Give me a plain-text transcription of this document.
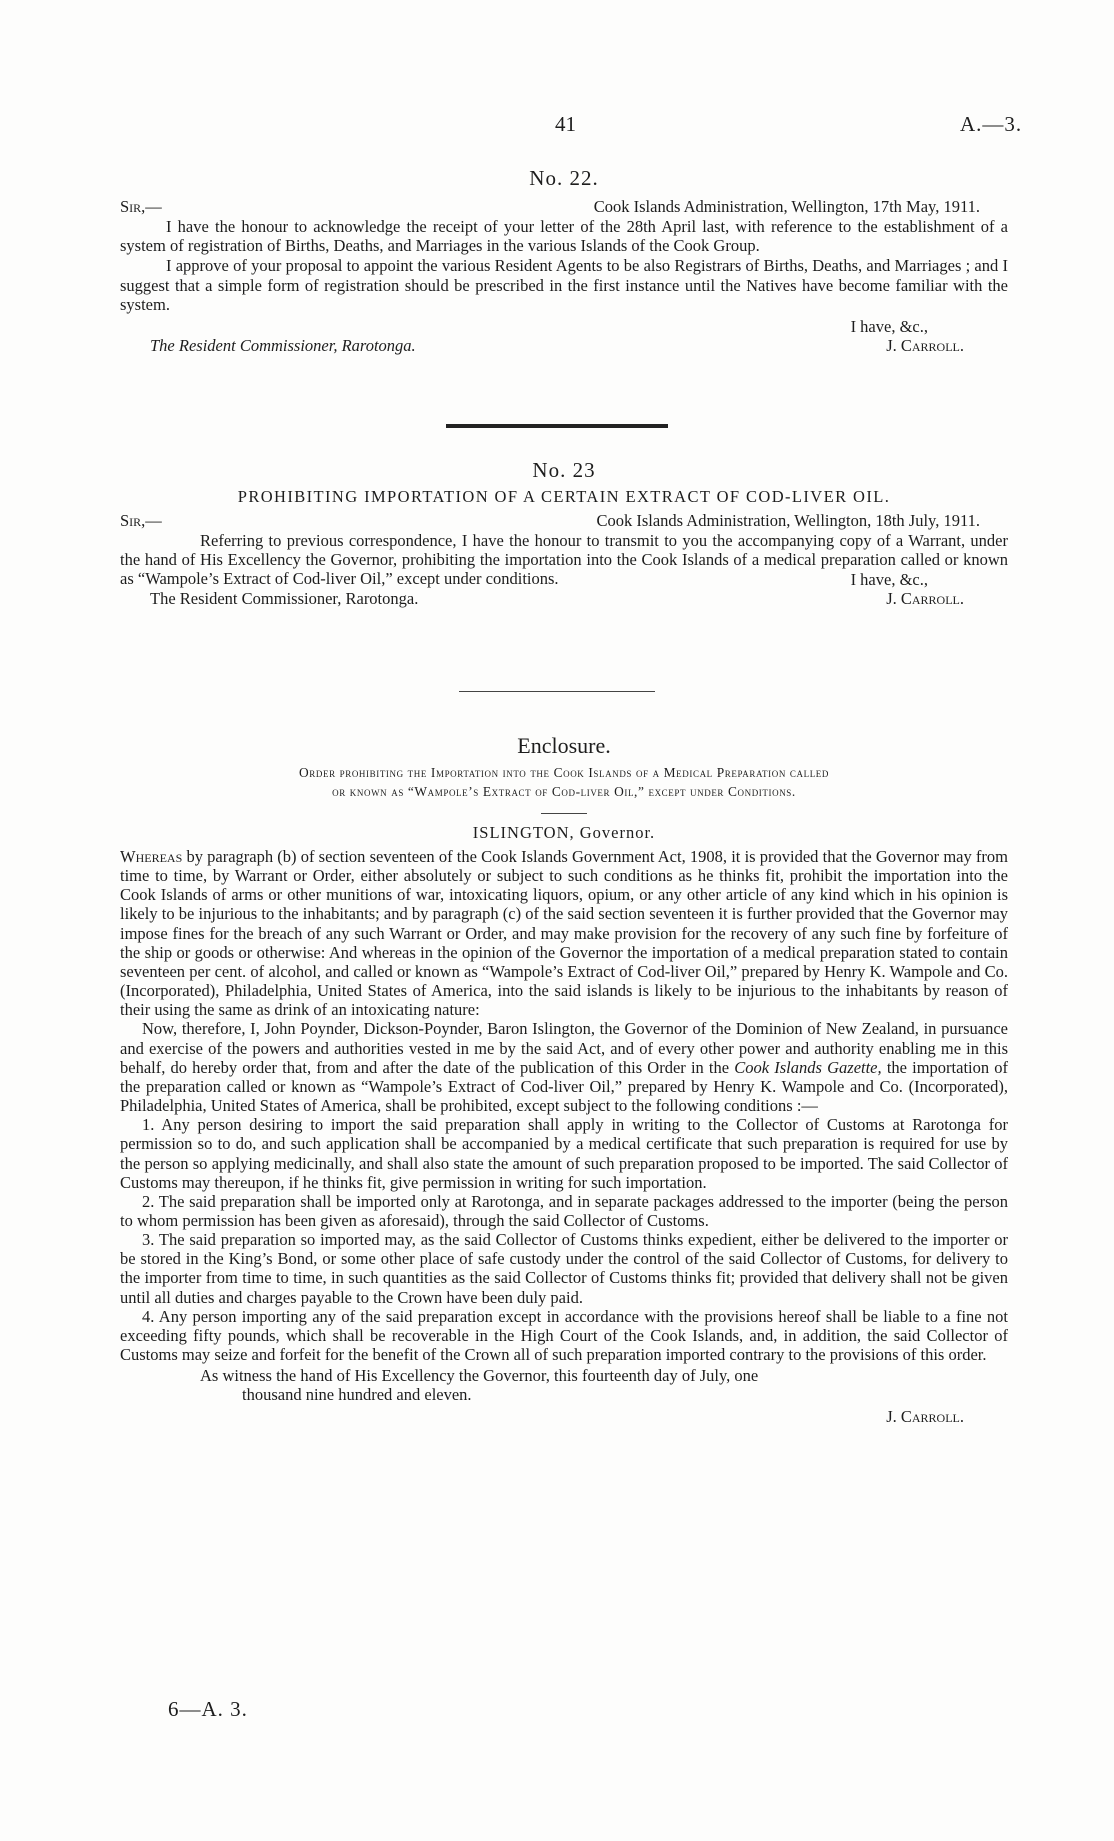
41	A.—3.

No. 22.

Sir,—	Cook Islands Administration, Wellington, 17th May, 1911.

I have the honour to acknowledge the receipt of your letter of the 28th April last, with reference to the establishment of a system of registration of Births, Deaths, and Marriages in the various Islands of the Cook Group.

I approve of your proposal to appoint the various Resident Agents to be also Registrars of Births, Deaths, and Marriages ; and I suggest that a simple form of registration should be prescribed in the first instance until the Natives have become familiar with the system.

I have, &c.,
The Resident Commissioner, Rarotonga.	J. Carroll.

No. 23

PROHIBITING IMPORTATION OF A CERTAIN EXTRACT OF COD-LIVER OIL.

Sir,—	Cook Islands Administration, Wellington, 18th July, 1911.

Referring to previous correspondence, I have the honour to transmit to you the accompanying copy of a Warrant, under the hand of His Excellency the Governor, prohibiting the importation into the Cook Islands of a medical preparation called or known as “Wampole’s Extract of Cod-liver Oil,” except under conditions.	I have, &c.,
The Resident Commissioner, Rarotonga.	J. Carroll.

Enclosure.

Order prohibiting the Importation into the Cook Islands of a Medical Preparation called

or known as “Wampole’s Extract of Cod-liver Oil,” except under Conditions.

ISLINGTON, Governor.

Whereas by paragraph (b) of section seventeen of the Cook Islands Government Act, 1908, it is provided that the Governor may from time to time, by Warrant or Order, either absolutely or subject to such conditions as he thinks fit, prohibit the importation into the Cook Islands of arms or other munitions of war, intoxicating liquors, opium, or any other article of any kind which in his opinion is likely to be injurious to the inhabitants; and by paragraph (c) of the said section seventeen it is further provided that the Governor may impose fines for the breach of any such Warrant or Order, and may make provision for the recovery of any such fine by forfeiture of the ship or goods or otherwise: And whereas in the opinion of the Governor the importation of a medical preparation stated to contain seventeen per cent. of alcohol, and called or known as “Wampole’s Extract of Cod-liver Oil,” prepared by Henry K. Wampole and Co. (Incorporated), Philadelphia, United States of America, into the said islands is likely to be injurious to the inhabitants by reason of their using the same as drink of an intoxicating nature:

Now, therefore, I, John Poynder, Dickson-Poynder, Baron Islington, the Governor of the Dominion of New Zealand, in pursuance and exercise of the powers and authorities vested in me by the said Act, and of every other power and authority enabling me in this behalf, do hereby order that, from and after the date of the publication of this Order in the Cook Islands Gazette, the importation of the preparation called or known as “Wampole’s Extract of Cod-liver Oil,” prepared by Henry K. Wampole and Co. (Incorporated), Philadelphia, United States of America, shall be prohibited, except subject to the following conditions :—

1. Any person desiring to import the said preparation shall apply in writing to the Collector of Customs at Rarotonga for permission so to do, and such application shall be accompanied by a medical certificate that such preparation is required for use by the person so applying medicinally, and shall also state the amount of such preparation proposed to be imported. The said Collector of Customs may thereupon, if he thinks fit, give permission in writing for such importation.

2. The said preparation shall be imported only at Rarotonga, and in separate packages addressed to the importer (being the person to whom permission has been given as aforesaid), through the said Collector of Customs.

3. The said preparation so imported may, as the said Collector of Customs thinks expedient, either be delivered to the importer or be stored in the King’s Bond, or some other place of safe custody under the control of the said Collector of Customs, for delivery to the importer from time to time, in such quantities as the said Collector of Customs thinks fit; provided that delivery shall not be given until all duties and charges payable to the Crown have been duly paid.

4. Any person importing any of the said preparation except in accordance with the provisions hereof shall be liable to a fine not exceeding fifty pounds, which shall be recoverable in the High Court of the Cook Islands, and, in addition, the said Collector of Customs may seize and forfeit for the benefit of the Crown all of such preparation imported contrary to the provisions of this order.

As witness the hand of His Excellency the Governor, this fourteenth day of July, one

thousand nine hundred and eleven.

J. Carroll.
6—A. 3.
